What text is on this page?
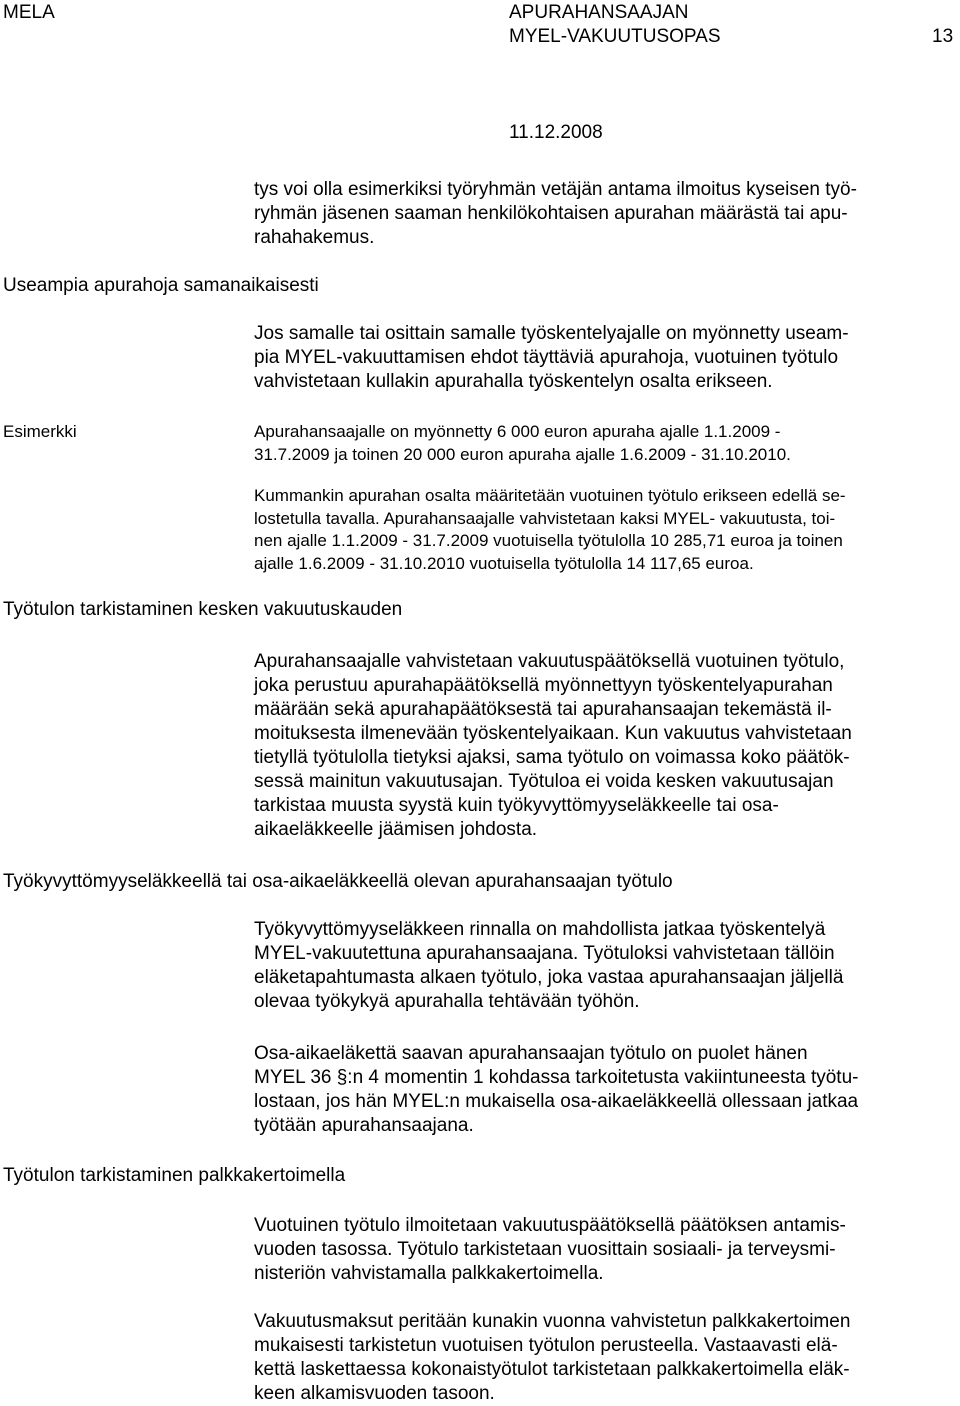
MELA	APURAHANSAAJAN
MYEL-VAKUUTUSOPAS	13
11.12.2008
tys voi olla esimerkiksi työryhmän vetäjän antama ilmoitus kyseisen työ-
ryhmän jäsenen saaman henkilökohtaisen apurahan määrästä tai apu-
rahahakemus.
Useampia apurahoja samanaikaisesti
Jos samalle tai osittain samalle työskentelyajalle on myönnetty useam-
pia MYEL-vakuuttamisen ehdot täyttäviä apurahoja, vuotuinen työtulo
vahvistetaan kullakin apurahalla työskentelyn osalta erikseen.
Esimerkki	Apurahansaajalle on myönnetty 6 000 euron apuraha ajalle 1.1.2009 -
31.7.2009 ja toinen 20 000 euron apuraha ajalle 1.6.2009 - 31.10.2010.
Kummankin apurahan osalta määritetään vuotuinen työtulo erikseen edellä se-
lostetulla tavalla. Apurahansaajalle vahvistetaan kaksi MYEL- vakuutusta, toi-
nen ajalle 1.1.2009 - 31.7.2009 vuotuisella työtulolla 10 285,71 euroa ja toinen
ajalle 1.6.2009 - 31.10.2010 vuotuisella työtulolla 14 117,65 euroa.
Työtulon tarkistaminen kesken vakuutuskauden
Apurahansaajalle vahvistetaan vakuutuspäätöksellä vuotuinen työtulo,
joka perustuu apurahapäätöksellä myönnettyyn työskentelyapurahan
määrään sekä apurahapäätöksestä tai apurahansaajan tekemästä il-
moituksesta ilmenevään työskentelyaikaan. Kun vakuutus vahvistetaan
tietyllä työtulolla tietyksi ajaksi, sama työtulo on voimassa koko päätök-
sessä mainitun vakuutusajan. Työtuloa ei voida kesken vakuutusajan
tarkistaa muusta syystä kuin työkyvyttömyyseläkkeelle tai osa-
aikaeläkkeelle jäämisen johdosta.
Työkyvyttömyyseläkkeellä tai osa-aikaeläkkeellä olevan apurahansaajan työtulo
Työkyvyttömyyseläkkeen rinnalla on mahdollista jatkaa työskentelyä
MYEL-vakuutettuna apurahansaajana. Työtuloksi vahvistetaan tällöin
eläketapahtumasta alkaen työtulo, joka vastaa apurahansaajan jäljellä
olevaa työkykyä apurahalla tehtävään työhön.
Osa-aikaeläkettä saavan apurahansaajan työtulo on puolet hänen
MYEL 36 §:n 4 momentin 1 kohdassa tarkoitetusta vakiintuneesta työtu-
lostaan, jos hän MYEL:n mukaisella osa-aikaeläkkeellä ollessaan jatkaa
työtään apurahansaajana.
Työtulon tarkistaminen palkkakertoimella
Vuotuinen työtulo ilmoitetaan vakuutuspäätöksellä päätöksen antamis-
vuoden tasossa. Työtulo tarkistetaan vuosittain sosiaali- ja terveysmi-
nisteriön vahvistamalla palkkakertoimella.
Vakuutusmaksut peritään kunakin vuonna vahvistetun palkkakertoimen
mukaisesti tarkistetun vuotuisen työtulon perusteella. Vastaavasti elä-
kettä laskettaessa kokonaistyötulot tarkistetaan palkkakertoimella eläk-
keen alkamisvuoden tasoon.
